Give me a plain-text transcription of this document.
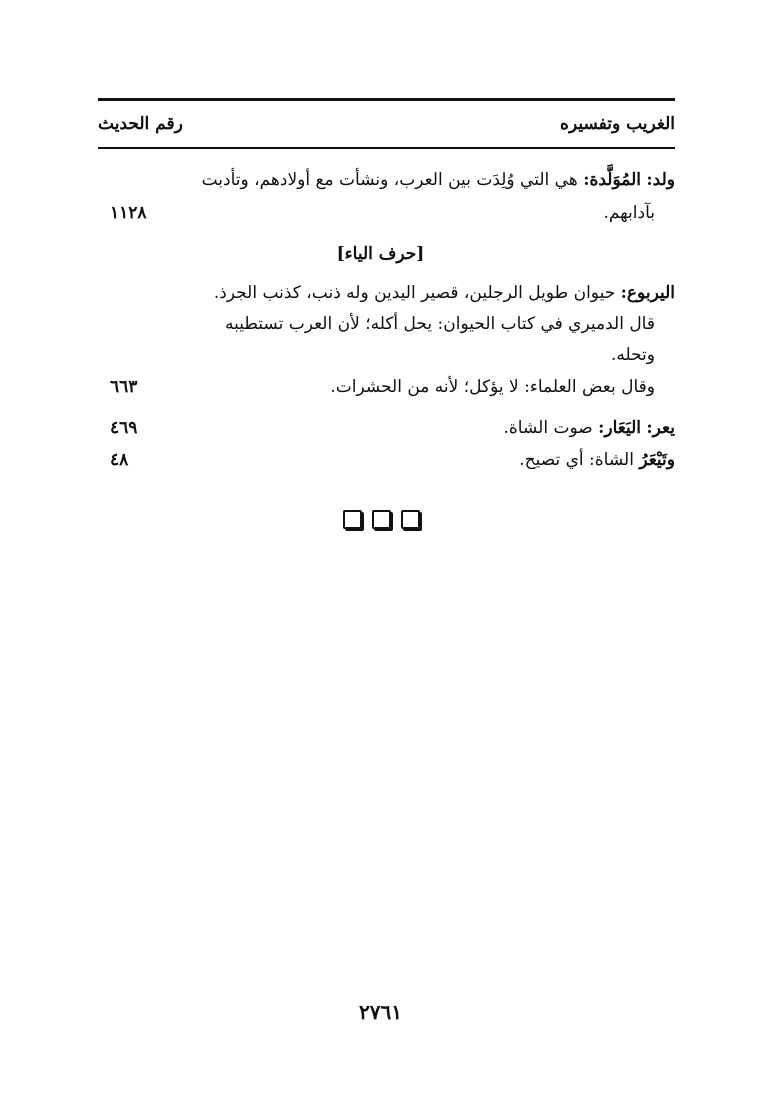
الغريب وتفسيره
رقم الحديث
ولد: المُوَلَّدة: هي التي وُلِدَت بين العرب، ونشأت مع أولادهم، وتأدبت
بآدابهم.
١١٢٨
[حرف الياء]
اليربوع: حيوان طويل الرجلين، قصير اليدين وله ذنب، كذنب الجرذ.
قال الدميري في كتاب الحيوان: يحل أكله؛ لأن العرب تستطيبه
وتحله.
وقال بعض العلماء: لا يؤكل؛ لأنه من الحشرات.
٦٦٣
يعر: اليَعَار: صوت الشاة.
٤٦٩
وتَيْعَرُ الشاة: أي تصيح.
٤٨
٢٧٦١
